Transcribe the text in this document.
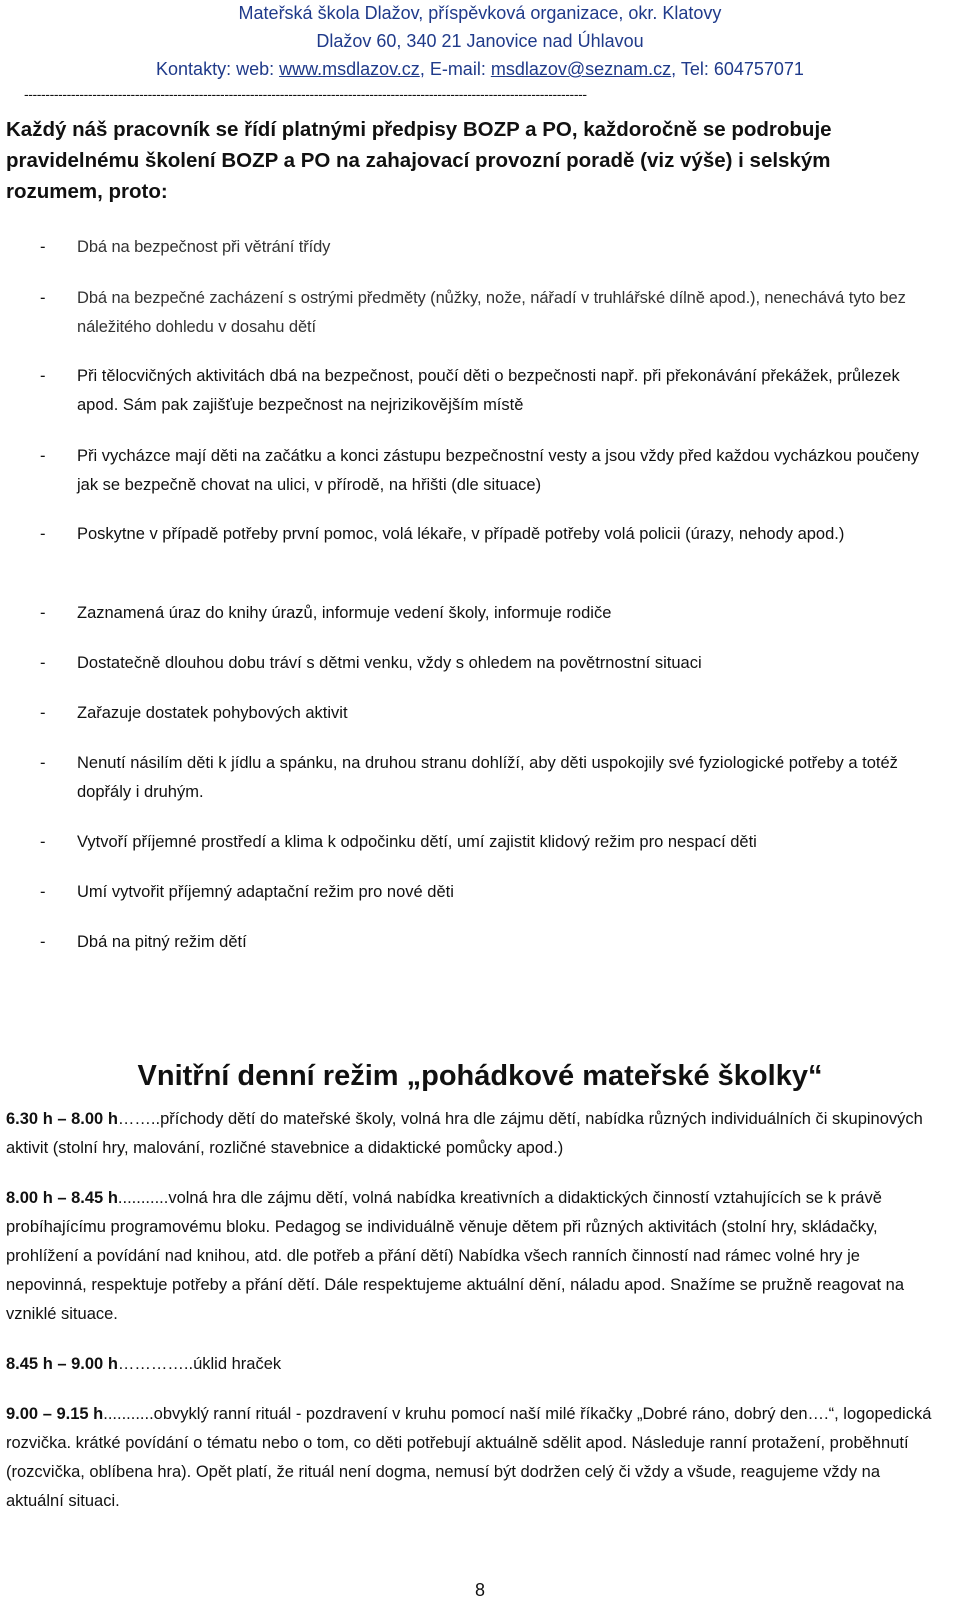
Mateřská škola Dlažov, příspěvková organizace, okr. Klatovy
Dlažov 60, 340 21 Janovice nad Úhlavou
Kontakty: web: www.msdlazov.cz, E-mail: msdlazov@seznam.cz, Tel: 604757071
------------------------------------------------------------------------------------------------------------------------------------
Každý náš pracovník se řídí platnými předpisy BOZP a PO, každoročně se podrobuje pravidelnému školení BOZP a PO na zahajovací provozní poradě (viz výše) i selským rozumem, proto:
- Dbá na bezpečnost při větrání třídy
- Dbá na bezpečné zacházení s ostrými předměty (nůžky, nože, nářadí v truhlářské dílně apod.), nenechává tyto bez náležitého dohledu v dosahu dětí
- Při tělocvičných aktivitách dbá na bezpečnost, poučí děti o bezpečnosti např. při překonávání překážek, průlezek apod. Sám pak zajišťuje bezpečnost na nejrizikovějším místě
- Při vycházce mají děti na začátku a konci zástupu bezpečnostní vesty a jsou vždy před každou vycházkou poučeny jak se bezpečně chovat na ulici, v přírodě, na hřišti (dle situace)
- Poskytne v případě potřeby první pomoc, volá lékaře, v případě potřeby volá policii (úrazy, nehody apod.)
- Zaznamená úraz do knihy úrazů, informuje vedení školy, informuje rodiče
- Dostatečně dlouhou dobu tráví s dětmi venku, vždy s ohledem na povětrnostní situaci
- Zařazuje dostatek pohybových aktivit
- Nenutí násilím děti k jídlu a spánku, na druhou stranu dohlíží, aby děti uspokojily své fyziologické potřeby a totéž dopřály i druhým.
- Vytvoří příjemné prostředí a klima k odpočinku dětí, umí zajistit klidový režim pro nespací děti
- Umí vytvořit příjemný adaptační režim pro nové děti
- Dbá na pitný režim dětí
Vnitřní denní režim „pohádkové mateřské školky“
6.30 h – 8.00 h……..příchody dětí do mateřské školy, volná hra dle zájmu dětí, nabídka různých individuálních či skupinových aktivit (stolní hry, malování, rozličné stavebnice a didaktické pomůcky apod.)
8.00 h – 8.45 h...........volná hra dle zájmu dětí, volná nabídka kreativních a didaktických činností vztahujících se k právě probíhajícímu programovému bloku. Pedagog se individuálně věnuje dětem při různých aktivitách (stolní hry, skládačky, prohlížení a povídání nad knihou, atd. dle potřeb a přání dětí) Nabídka všech ranních činností nad rámec volné hry je nepovinná, respektuje potřeby a přání dětí. Dále respektujeme aktuální dění, náladu apod. Snažíme se pružně reagovat na vzniklé situace.
8.45 h – 9.00 h…………..úklid hraček
9.00 – 9.15 h...........obvyklý ranní rituál - pozdravení v kruhu pomocí naší milé říkačky „Dobré ráno, dobrý den….“, logopedická rozvička. krátké povídání o tématu nebo o tom, co děti potřebují aktuálně sdělit apod. Následuje ranní protažení, proběhnutí (rozcvička, oblíbena hra). Opět platí, že rituál není dogma, nemusí být dodržen celý či vždy a všude, reagujeme vždy na aktuální situaci.
8
